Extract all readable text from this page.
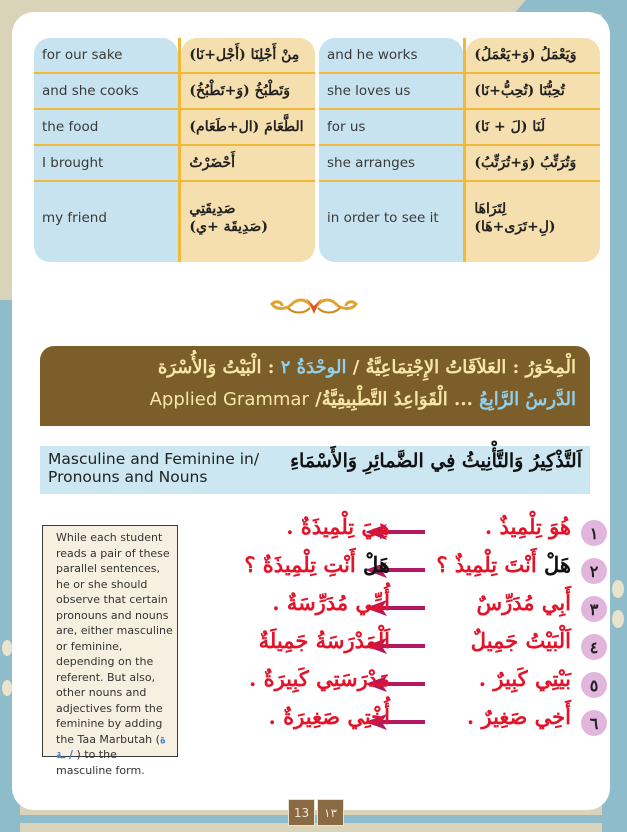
for our sake
and she cooks
the food
I brought
my friend
مِنْ أَجْلِنَا (أَجْل+نَا)
وَتَطْبُخُ (وَ+تَطْبُخُ)
الطَّعَامَ (ال+طَعَام)
أَحْضَرْتُ
صَدِيقَتِي
(صَدِيقَة +ي)
and he works
she loves us
for us
she arranges
in order to see it
وَيَعْمَلُ (وَ+يَعْمَلُ)
تُحِبُّنَا (تُحِبُّ+نَا)
لَنَا (لَ + نَا)
وَتُرَتِّبُ (وَ+تُرَتِّبُ)
لِتَرَاهَا
(لِ+تَرَى+هَا)
الْمِحْوَرُ : العَلاَقَاتُ الإِجْتِمَاعِيَّةُ / الوحْدَةُ ٢ : الْبَيْتُ وَالأُسْرَة
الدَّرسُ الرَّابِعُ ... الْقَوَاعِدُ التَّطْبِيقِيَّةُ/ Applied Grammar
Masculine and Feminine in/ Pronouns and Nouns
اَلتَّذْكِيرُ وَالتَّأْنِيثُ فِي الضَّمائِرِ وَالأَسْمَاءِ
While each student reads a pair of these parallel sentences, he or she should observe that certain pronouns and nouns are, either masculine or feminine, depending on the referent. But also, other nouns and adjectives form the feminine by adding the Taa Marbutah (ة / ـة ) to the masculine form.
١
هُوَ تِلْمِيذٌ .
هِيَ تِلْمِيذَةٌ .
٢
هَلْ أَنْتَ تِلْمِيذٌ ؟
هَلْ أَنْتِ تِلْمِيذَةٌ ؟
٣
أَبِي مُدَرِّسٌ
أُمِّي مُدَرِّسَةٌ .
٤
اَلْبَيْتُ جَمِيلٌ
اَلْمَدْرَسَةُ جَمِيلَةٌ
٥
بَيْتِي كَبِيرٌ .
مَدْرَسَتِي كَبِيرَةٌ .
٦
أَخِي صَغِيرٌ .
أُخْتِي صَغِيرَةٌ .
13	١٣
